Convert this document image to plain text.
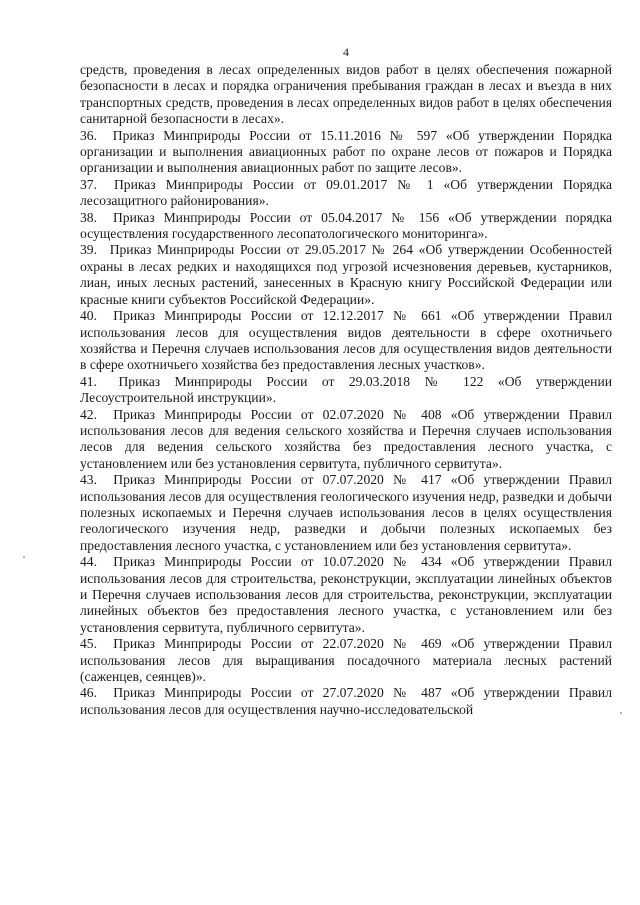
4

средств, проведения в лесах определенных видов работ в целях обеспечения пожарной безопасности в лесах и порядка ограничения пребывания граждан в лесах и въезда в них транспортных средств, проведения в лесах определенных видов работ в целях обеспечения санитарной безопасности в лесах».

36. Приказ Минприроды России от 15.11.2016 № 597 «Об утверждении Порядка организации и выполнения авиационных работ по охране лесов от пожаров и Порядка организации и выполнения авиационных работ по защите лесов».

37. Приказ Минприроды России от 09.01.2017 № 1 «Об утверждении Порядка лесозащитного районирования».

38. Приказ Минприроды России от 05.04.2017 № 156 «Об утверждении порядка осуществления государственного лесопатологического мониторинга».

39. Приказ Минприроды России от 29.05.2017 № 264 «Об утверждении Особенностей охраны в лесах редких и находящихся под угрозой исчезновения деревьев, кустарников, лиан, иных лесных растений, занесенных в Красную книгу Российской Федерации или красные книги субъектов Российской Федерации».

40. Приказ Минприроды России от 12.12.2017 № 661 «Об утверждении Правил использования лесов для осуществления видов деятельности в сфере охотничьего хозяйства и Перечня случаев использования лесов для осуществления видов деятельности в сфере охотничьего хозяйства без предоставления лесных участков».

41. Приказ Минприроды России от 29.03.2018 № 122 «Об утверждении Лесоустроительной инструкции».

42. Приказ Минприроды России от 02.07.2020 № 408 «Об утверждении Правил использования лесов для ведения сельского хозяйства и Перечня случаев использования лесов для ведения сельского хозяйства без предоставления лесного участка, с установлением или без установления сервитута, публичного сервитута».

43. Приказ Минприроды России от 07.07.2020 № 417 «Об утверждении Правил использования лесов для осуществления геологического изучения недр, разведки и добычи полезных ископаемых и Перечня случаев использования лесов в целях осуществления геологического изучения недр, разведки и добычи полезных ископаемых без предоставления лесного участка, с установлением или без установления сервитута».

44. Приказ Минприроды России от 10.07.2020 № 434 «Об утверждении Правил использования лесов для строительства, реконструкции, эксплуатации линейных объектов и Перечня случаев использования лесов для строительства, реконструкции, эксплуатации линейных объектов без предоставления лесного участка, с установлением или без установления сервитута, публичного сервитута».

45. Приказ Минприроды России от 22.07.2020 № 469 «Об утверждении Правил использования лесов для выращивания посадочного материала лесных растений (саженцев, сеянцев)».

46. Приказ Минприроды России от 27.07.2020 № 487 «Об утверждении Правил использования лесов для осуществления научно-исследовательской
